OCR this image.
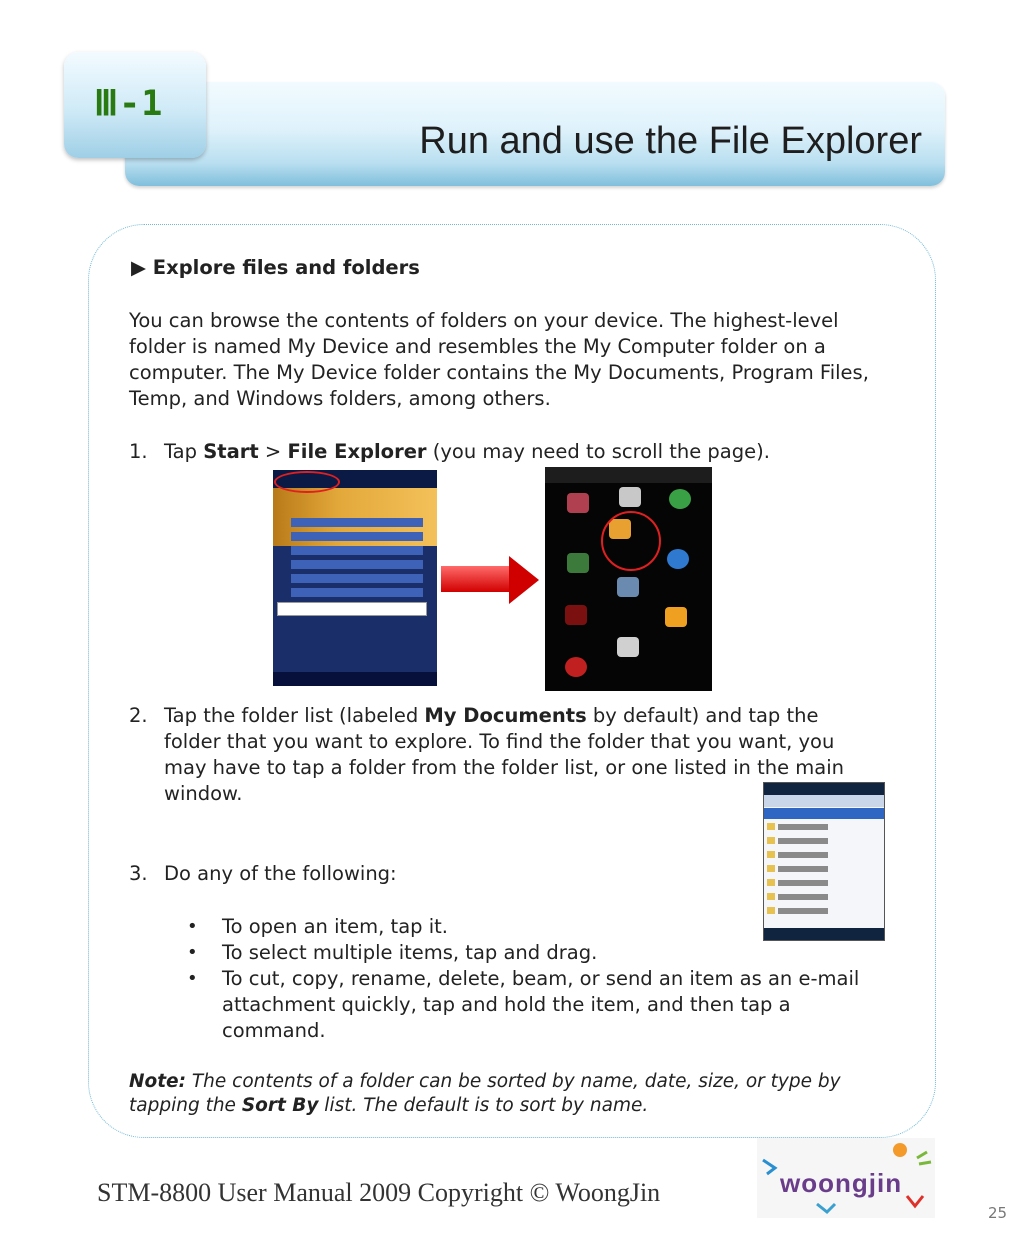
Run and use the File Explorer
Ⅲ-1
▶ Explore files and folders
You can browse the contents of folders on your device. The highest-level
folder is named My Device and resembles the My Computer folder on a
computer. The My Device folder contains the My Documents, Program Files,
Temp, and Windows folders, among others.
1. Tap Start > File Explorer (you may need to scroll the page).
2. Tap the folder list (labeled My Documents by default) and tap the
folder that you want to explore. To find the folder that you want, you
may have to tap a folder from the folder list, or one listed in the main
window.
3. Do any of the following:
• To open an item, tap it.
• To select multiple items, tap and drag.
• To cut, copy, rename, delete, beam, or send an item as an e-mail
attachment quickly, tap and hold the item, and then tap a
command.
Note: The contents of a folder can be sorted by name, date, size, or type by
tapping the Sort By list. The default is to sort by name.
STM-8800 User Manual 2009 Copyright © WoongJin	woongjin
25
